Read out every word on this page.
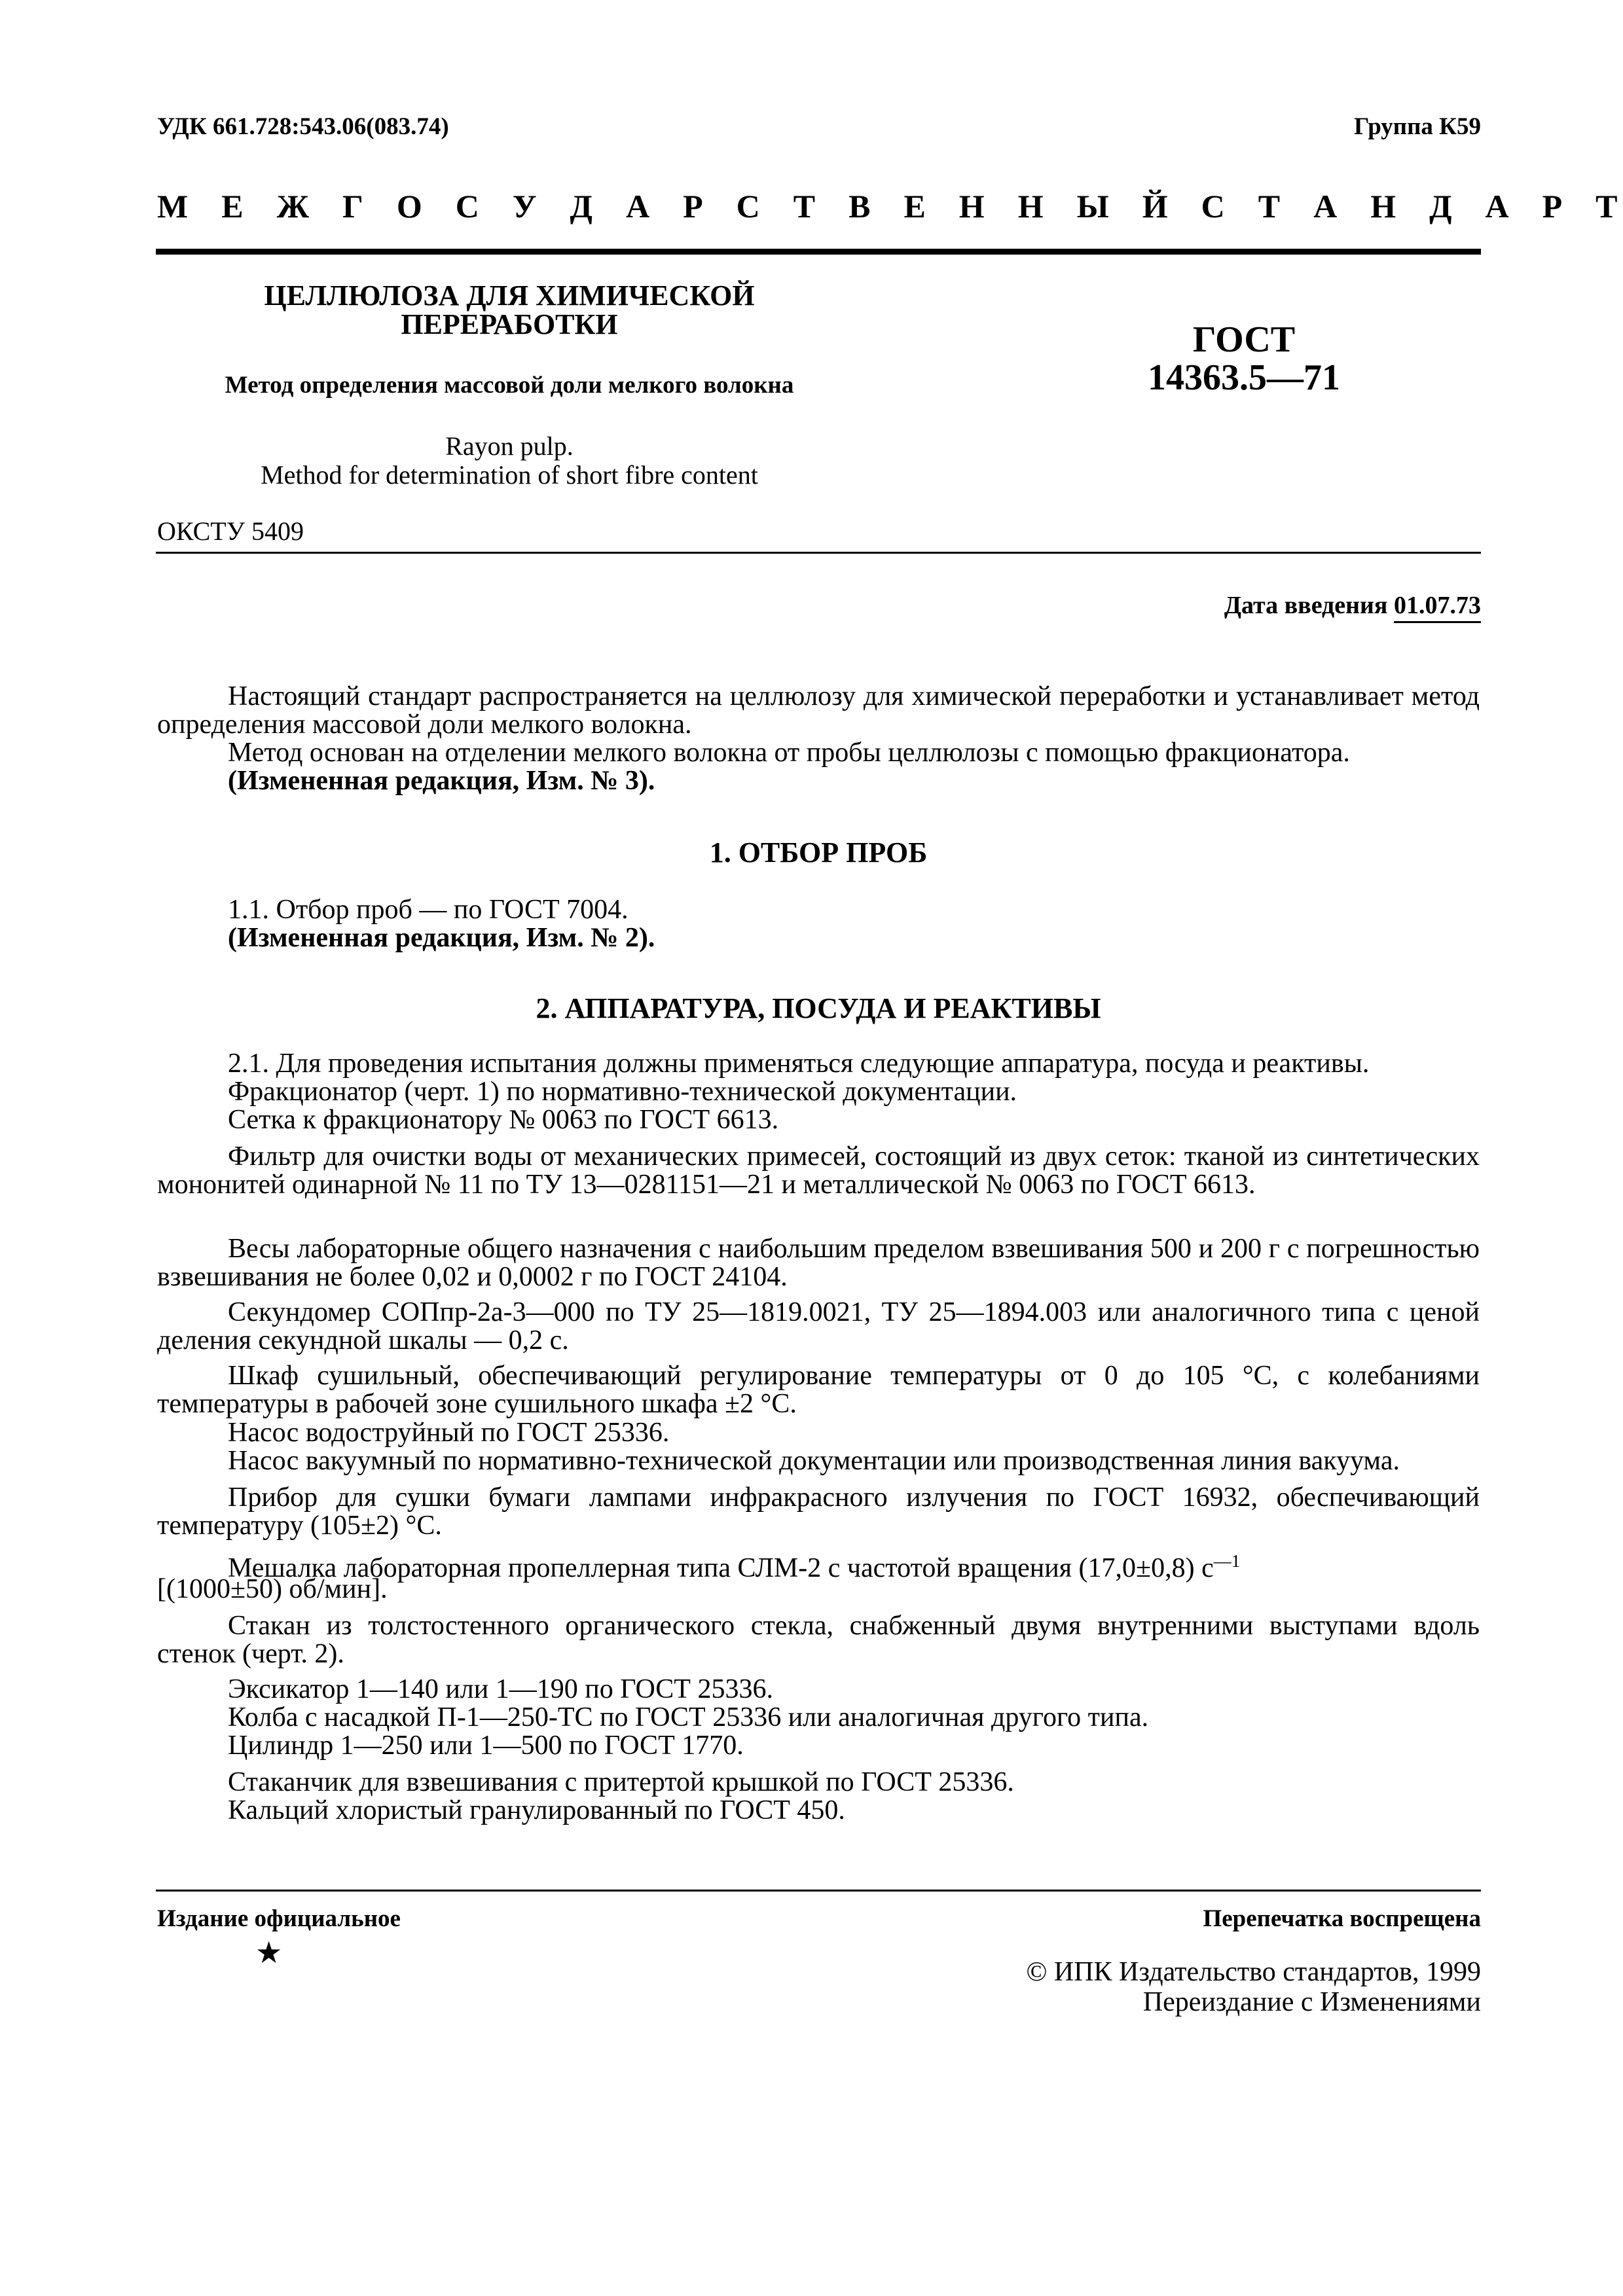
УДК 661.728:543.06(083.74)	Группа К59
М Е Ж Г О С У Д А Р С Т В Е Н Н Ы Й С Т А Н Д А Р Т
ЦЕЛЛЮЛОЗА ДЛЯ ХИМИЧЕСКОЙ
ПЕРЕРАБОТКИ
Метод определения массовой доли мелкого волокна
Rayon pulp.
Method for determination of short fibre content
ГОСТ
14363.5—71
ОКСТУ 5409
Дата введения 01.07.73
Настоящий стандарт распространяется на целлюлозу для химической переработки и устанавливает метод определения массовой доли мелкого волокна.
Метод основан на отделении мелкого волокна от пробы целлюлозы с помощью фракционатора.
(Измененная редакция, Изм. № 3).
1. ОТБОР ПРОБ
1.1. Отбор проб — по ГОСТ 7004.
(Измененная редакция, Изм. № 2).
2. АППАРАТУРА, ПОСУДА И РЕАКТИВЫ
2.1. Для проведения испытания должны применяться следующие аппаратура, посуда и реактивы.
Фракционатор (черт. 1) по нормативно-технической документации.
Сетка к фракционатору № 0063 по ГОСТ 6613.
Фильтр для очистки воды от механических примесей, состоящий из двух сеток: тканой из синтетических мононитей одинарной № 11 по ТУ 13—0281151—21 и металлической № 0063 по ГОСТ 6613.
Весы лабораторные общего назначения с наибольшим пределом взвешивания 500 и 200 г с погрешностью взвешивания не более 0,02 и 0,0002 г по ГОСТ 24104.
Секундомер СОПпр-2а-3—000 по ТУ 25—1819.0021, ТУ 25—1894.003 или аналогичного типа с ценой деления секундной шкалы — 0,2 с.
Шкаф сушильный, обеспечивающий регулирование температуры от 0 до 105 °С, с колебаниями температуры в рабочей зоне сушильного шкафа ±2 °С.
Насос водоструйный по ГОСТ 25336.
Насос вакуумный по нормативно-технической документации или производственная линия вакуума.
Прибор для сушки бумаги лампами инфракрасного излучения по ГОСТ 16932, обеспечивающий температуру (105±2) °С.
Мешалка лабораторная пропеллерная типа СЛМ-2 с частотой вращения (17,0±0,8) $с^{—1}$
[(1000±50) об/мин].
Стакан из толстостенного органического стекла, снабженный двумя внутренними выступами вдоль стенок (черт. 2).
Эксикатор 1—140 или 1—190 по ГОСТ 25336.
Колба с насадкой П-1—250-ТС по ГОСТ 25336 или аналогичная другого типа.
Цилиндр 1—250 или 1—500 по ГОСТ 1770.
Стаканчик для взвешивания с притертой крышкой по ГОСТ 25336.
Кальций хлористый гранулированный по ГОСТ 450.
Издание официальное
★
Перепечатка воспрещена
© ИПК Издательство стандартов, 1999
Переиздание с Изменениями
